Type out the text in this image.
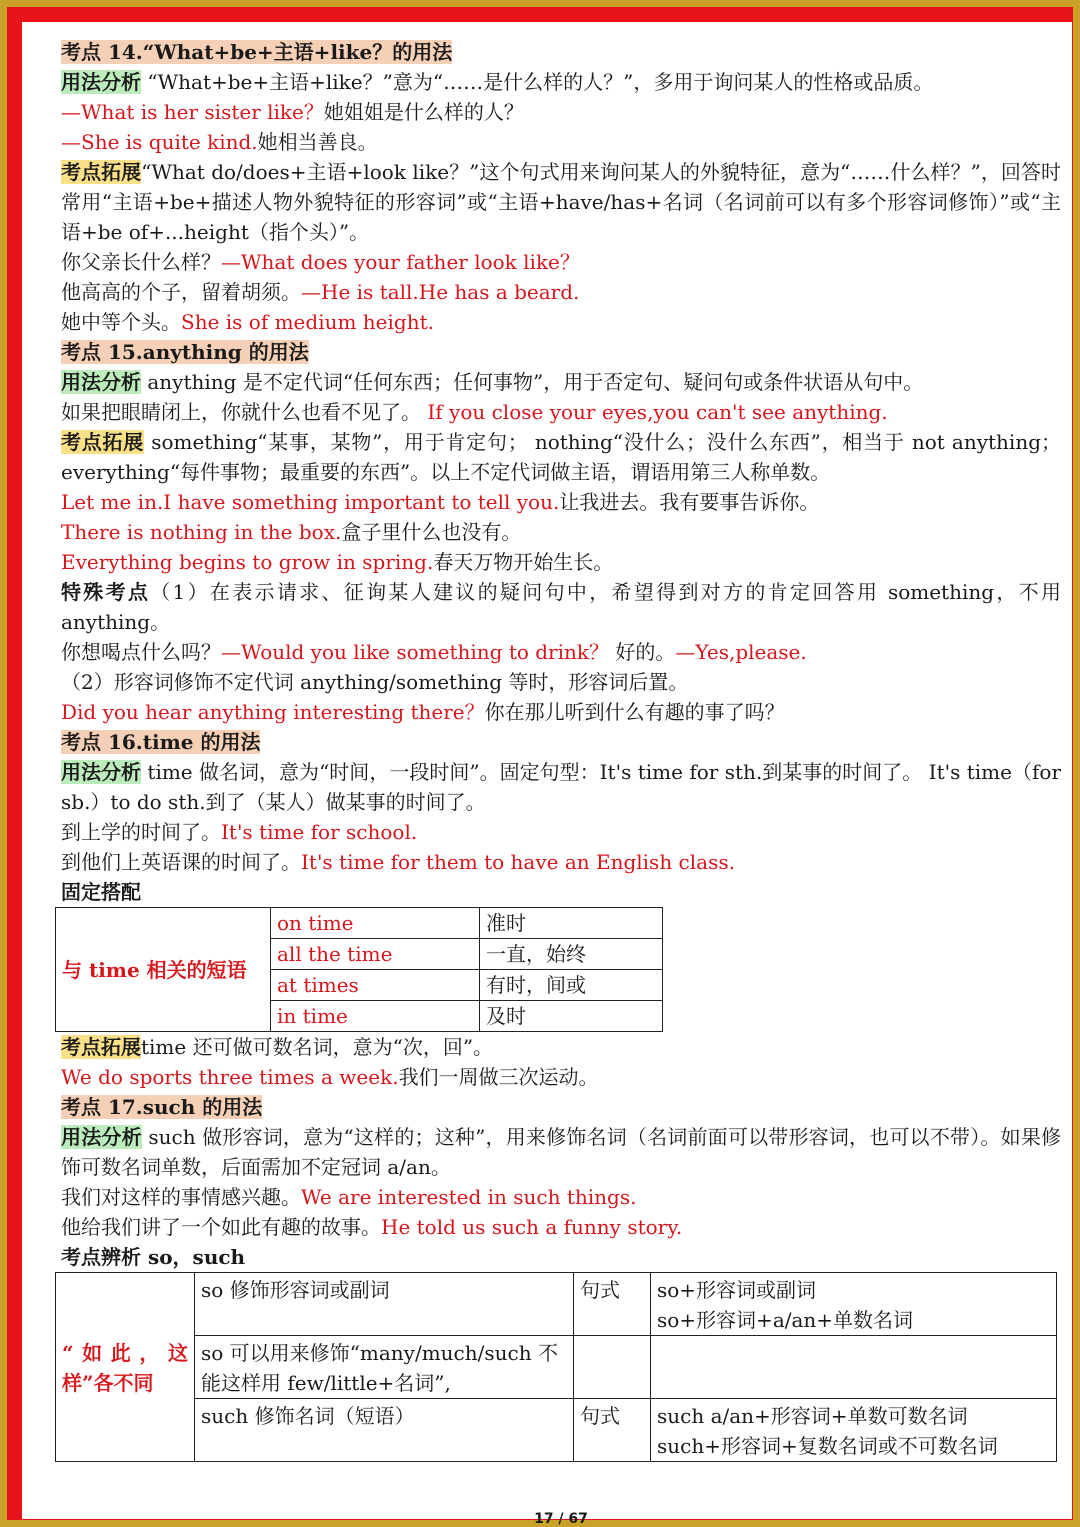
考点 14.“What+be+主语+like？的用法

用法分析 “What+be+主语+like？”意为“……是什么样的人？”，多用于询问某人的性格或品质。

—What is her sister like？她姐姐是什么样的人？

—She is quite kind.她相当善良。

考点拓展“What do/does+主语+look like？”这个句式用来询问某人的外貌特征，意为“……什么样？”，回答时常用“主语+be+描述人物外貌特征的形容词”或“主语+have/has+名词（名词前可以有多个形容词修饰）”或“主语+be of+...height（指个头）”。

你父亲长什么样？—What does your father look like？

他高高的个子，留着胡须。—He is tall.He has a beard.

她中等个头。She is of medium height.

考点 15.anything 的用法

用法分析 anything 是不定代词“任何东西；任何事物”，用于否定句、疑问句或条件状语从句中。

如果把眼睛闭上，你就什么也看不见了。 If you close your eyes,you can't see anything.

考点拓展 something“某事，某物”，用于肯定句； nothing“没什么；没什么东西”，相当于 not anything；everything“每件事物；最重要的东西”。以上不定代词做主语，谓语用第三人称单数。

Let me in.I have something important to tell you.让我进去。我有要事告诉你。

There is nothing in the box.盒子里什么也没有。

Everything begins to grow in spring.春天万物开始生长。

特殊考点（1）在表示请求、征询某人建议的疑问句中，希望得到对方的肯定回答用 something，不用 anything。

你想喝点什么吗？—Would you like something to drink？ 好的。—Yes,please.

（2）形容词修饰不定代词 anything/something 等时，形容词后置。

Did you hear anything interesting there？你在那儿听到什么有趣的事了吗？

考点 16.time 的用法

用法分析 time 做名词，意为“时间，一段时间”。固定句型：It's time for sth.到某事的时间了。 It's time（for sb.）to do sth.到了（某人）做某事的时间了。

到上学的时间了。It's time for school.

到他们上英语课的时间了。It's time for them to have an English class.

固定搭配

与 time 相关的短语	on time	准时
	all the time	一直，始终
	at times	有时，间或
	in time	及时

考点拓展time 还可做可数名词，意为“次，回”。

We do sports three times a week.我们一周做三次运动。

考点 17.such 的用法

用法分析 such 做形容词，意为“这样的；这种”，用来修饰名词（名词前面可以带形容词，也可以不带）。如果修饰可数名词单数，后面需加不定冠词 a/an。

我们对这样的事情感兴趣。We are interested in such things.

他给我们讲了一个如此有趣的故事。He told us such a funny story.

考点辨析 so，such

“如此，这样”各不同	so 修饰形容词或副词	句式	so+形容词或副词
so+形容词+a/an+单数名词

	so 可以用来修饰“many/much/such 不能这样用 few/little+名词”,		
	such 修饰名词（短语）	句式	such a/an+形容词+单数可数名词
such+形容词+复数名词或不可数名词
17 / 67
